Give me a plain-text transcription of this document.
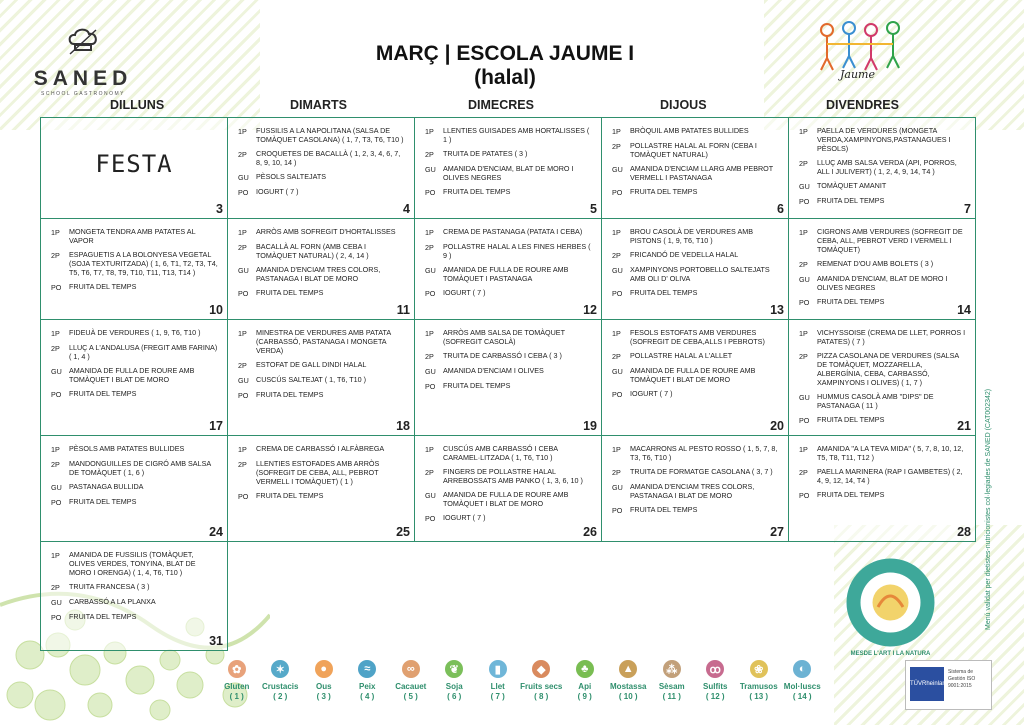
SANED
SCHOOL GASTRONOMY
MARÇ | ESCOLA JAUME I
(halal)	Jaume
DILLUNS	DIMARTS	DIMECRES	DIJOUS	DIVENDRES
FESTA
3
1P	FUSSILIS A LA NAPOLITANA (SALSA DE TOMÀQUET CASOLANA) ( 1, 7, T3, T6, T10 )
2P	CROQUETES DE BACALLÀ ( 1, 2, 3, 4, 6, 7, 8, 9, 10, 14 )
GU	PÈSOLS SALTEJATS
PO	IOGURT ( 7 )
4
1P	LLENTIES GUISADES AMB HORTALISSES ( 1 )
2P	TRUITA DE PATATES ( 3 )
GU	AMANIDA D'ENCIAM, BLAT DE MORO I OLIVES NEGRES
PO	FRUITA DEL TEMPS
5
1P	BRÒQUIL AMB PATATES BULLIDES
2P	POLLASTRE HALAL AL FORN (CEBA I TOMÀQUET NATURAL)
GU	AMANIDA D'ENCIAM LLARG AMB PEBROT VERMELL I PASTANAGA
PO	FRUITA DEL TEMPS
6
1P	PAELLA DE VERDURES (MONGETA VERDA,XAMPINYONS,PASTANAGUES I PÈSOLS)
2P	LLUÇ AMB SALSA VERDA (API, PORROS, ALL I JULIVERT) ( 1, 2, 4, 9, 14, T4 )
GU	TOMÀQUET AMANIT
PO	FRUITA DEL TEMPS
7
1P	MONGETA TENDRA AMB PATATES AL VAPOR
2P	ESPAGUETIS A LA BOLONYESA VEGETAL (SOJA TEXTURITZADA) ( 1, 6, T1, T2, T3, T4, T5, T6, T7, T8, T9, T10, T11, T13, T14 )
PO	FRUITA DEL TEMPS
10
1P	ARRÒS AMB SOFREGIT D'HORTALISSES
2P	BACALLÀ AL FORN (AMB CEBA I TOMÀQUET NATURAL) ( 2, 4, 14 )
GU	AMANIDA D'ENCIAM TRES COLORS, PASTANAGA I BLAT DE MORO
PO	FRUITA DEL TEMPS
11
1P	CREMA DE PASTANAGA (PATATA I CEBA)
2P	POLLASTRE HALAL A LES FINES HERBES ( 9 )
GU	AMANIDA DE FULLA DE ROURE AMB TOMÀQUET I PASTANAGA
PO	IOGURT ( 7 )
12
1P	BROU CASOLÀ DE VERDURES AMB PISTONS ( 1, 9, T6, T10 )
2P	FRICANDÓ DE VEDELLA HALAL
GU	XAMPINYONS PORTOBELLO SALTEJATS AMB OLI D' OLIVA
PO	FRUITA DEL TEMPS
13
1P	CIGRONS AMB VERDURES (SOFREGIT DE CEBA, ALL, PEBROT VERD I VERMELL I TOMÀQUET)
2P	REMENAT D'OU AMB BOLETS ( 3 )
GU	AMANIDA D'ENCIAM, BLAT DE MORO I OLIVES NEGRES
PO	FRUITA DEL TEMPS
14
1P	FIDEUÀ DE VERDURES ( 1, 9, T6, T10 )
2P	LLUÇ A L'ANDALUSA (FREGIT AMB FARINA) ( 1, 4 )
GU	AMANIDA DE FULLA DE ROURE AMB TOMÀQUET I BLAT DE MORO
PO	FRUITA DEL TEMPS
17
1P	MINESTRA DE VERDURES AMB PATATA (CARBASSÓ, PASTANAGA I MONGETA VERDA)
2P	ESTOFAT DE GALL DINDI HALAL
GU	CUSCÚS SALTEJAT ( 1, T6, T10 )
PO	FRUITA DEL TEMPS
18
1P	ARRÒS AMB SALSA DE TOMÀQUET (SOFREGIT CASOLÀ)
2P	TRUITA DE CARBASSÓ I CEBA ( 3 )
GU	AMANIDA D'ENCIAM I OLIVES
PO	FRUITA DEL TEMPS
19
1P	FESOLS ESTOFATS AMB VERDURES (SOFREGIT DE CEBA,ALLS I PEBROTS)
2P	POLLASTRE HALAL A L'ALLET
GU	AMANIDA DE FULLA DE ROURE AMB TOMÀQUET I BLAT DE MORO
PO	IOGURT ( 7 )
20
1P	VICHYSSOISE (CREMA DE LLET, PORROS I PATATES) ( 7 )
2P	PIZZA CASOLANA DE VERDURES (SALSA DE TOMÀQUET, MOZZARELLA, ALBERGÍNIA, CEBA, CARBASSÓ, XAMPINYONS I OLIVES) ( 1, 7 )
GU	HUMMUS CASOLÀ AMB "DIPS" DE PASTANAGA ( 11 )
PO	FRUITA DEL TEMPS	21
1P	PÈSOLS AMB PATATES BULLIDES
2P	MANDONGUILLES DE CIGRÓ AMB SALSA DE TOMÀQUET ( 1, 6 )
GU	PASTANAGA BULLIDA
PO	FRUITA DEL TEMPS
24
1P	CREMA DE CARBASSÓ I ALFÀBREGA
2P	LLENTIES ESTOFADES AMB ARRÒS (SOFREGIT DE CEBA, ALL, PEBROT VERMELL I TOMÀQUET) ( 1 )
PO	FRUITA DEL TEMPS
25
1P	CUSCÚS AMB CARBASSÓ I CEBA CARAMEL·LITZADA ( 1, T6, T10 )
2P	FINGERS DE POLLASTRE HALAL ARREBOSSATS AMB PANKO ( 1, 3, 6, 10 )
GU	AMANIDA DE FULLA DE ROURE AMB TOMÀQUET I BLAT DE MORO
PO	IOGURT ( 7 )
26
1P	MACARRONS AL PESTO ROSSO ( 1, 5, 7, 8, T3, T6, T10 )
2P	TRUITA DE FORMATGE CASOLANA ( 3, 7 )
GU	AMANIDA D'ENCIAM TRES COLORS, PASTANAGA I BLAT DE MORO
PO	FRUITA DEL TEMPS
27
1P	AMANIDA "A LA TEVA MIDA" ( 5, 7, 8, 10, 12, T5, T8, T11, T12 )
2P	PAELLA MARINERA (RAP I GAMBETES) ( 2, 4, 9, 12, 14, T4 )
PO	FRUITA DEL TEMPS
28
1P	AMANIDA DE FUSSILIS (TOMÀQUET, OLIVES VERDES, TONYINA, BLAT DE MORO I ORENGA) ( 1, 4, T6, T10 )
2P	TRUITA FRANCESA ( 3 )
GU	CARBASSÓ A LA PLANXA
PO	FRUITA DEL TEMPS
31
Menú validat per dietistes-nutricionistes col·legiades de SANED (CAT002342)
MESDE L'ART I LA NATURA
✿
Gluten
( 1 )
✶
Crustacis
( 2 )
●
Ous
( 3 )
≈
Peix
( 4 )
∞
Cacauet
( 5 )
❦
Soja
( 6 )
▮
Llet
( 7 )
◆
Fruits secs
( 8 )
♣
Api
( 9 )
▲
Mostassa
( 10 )
⁂
Sèsam
( 11 )
ꝏ
Sulfits
( 12 )
❀
Tramusos
( 13 )
◐
Mol·luscs
( 14 )
TÜVRheinland
Sistema de Gestión ISO 9001:2015
